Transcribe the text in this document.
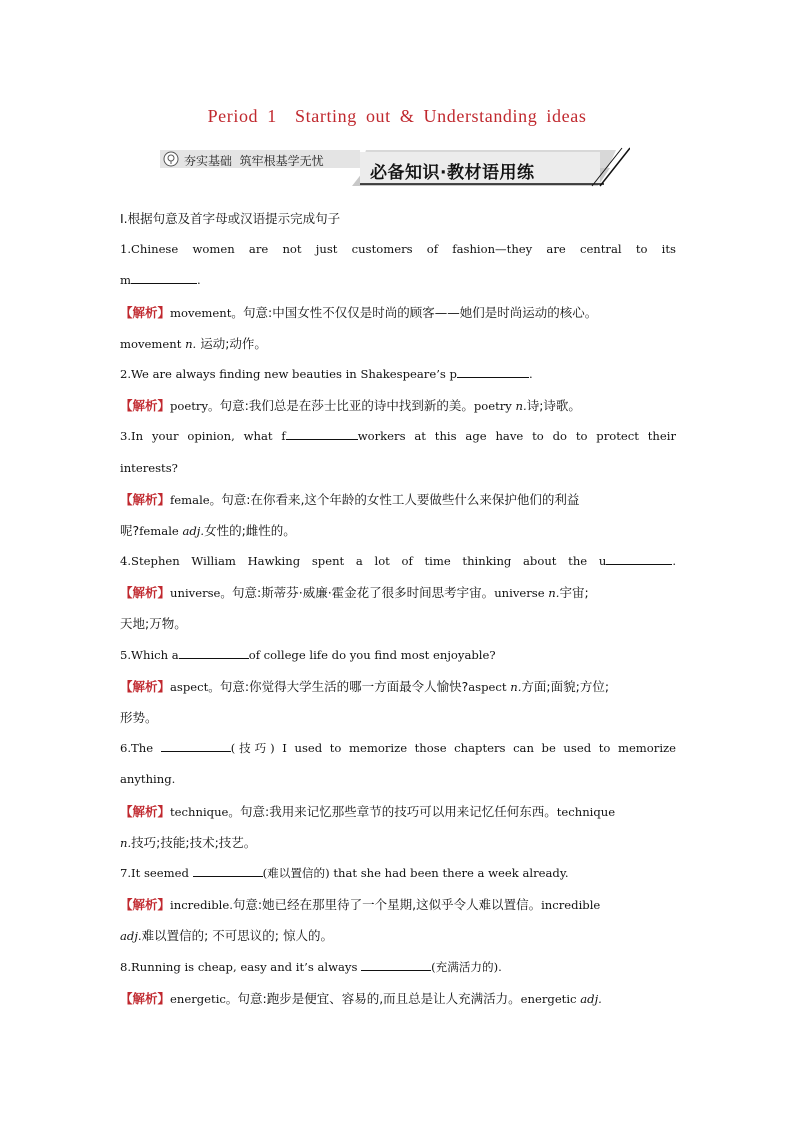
Period 1  Starting out & Understanding ideas
夯实基础  筑牢根基学无忧
必备知识·教材语用练
Ⅰ.根据句意及首字母或汉语提示完成句子
1.Chinese women are not just customers of fashion—they are central to its
m	.
【解析】movement。句意:中国女性不仅仅是时尚的顾客——她们是时尚运动的核心。
movement n. 运动;动作。
2.We are always finding new beauties in Shakespeare’s p	.
【解析】poetry。句意:我们总是在莎士比亚的诗中找到新的美。poetry n.诗;诗歌。
3.In your opinion, what f	workers at this age have to do to protect their
interests?
【解析】female。句意:在你看来,这个年龄的女性工人要做些什么来保护他们的利益
呢?female adj.女性的;雌性的。
4.Stephen William Hawking spent a lot of time thinking about the u	.
【解析】universe。句意:斯蒂芬·威廉·霍金花了很多时间思考宇宙。universe n.宇宙;
天地;万物。
5.Which a	of college life do you find most enjoyable?
【解析】aspect。句意:你觉得大学生活的哪一方面最令人愉快?aspect n.方面;面貌;方位;
形势。
6.The	(技巧) I used to memorize those chapters can be used to memorize
anything.
【解析】technique。句意:我用来记忆那些章节的技巧可以用来记忆任何东西。technique
n.技巧;技能;技术;技艺。
7.It seemed	(难以置信的) that she had been there a week already.
【解析】incredible.句意:她已经在那里待了一个星期,这似乎令人难以置信。incredible
adj.难以置信的; 不可思议的; 惊人的。
8.Running is cheap, easy and it’s always	(充满活力的).
【解析】energetic。句意:跑步是便宜、容易的,而且总是让人充满活力。energetic adj.
